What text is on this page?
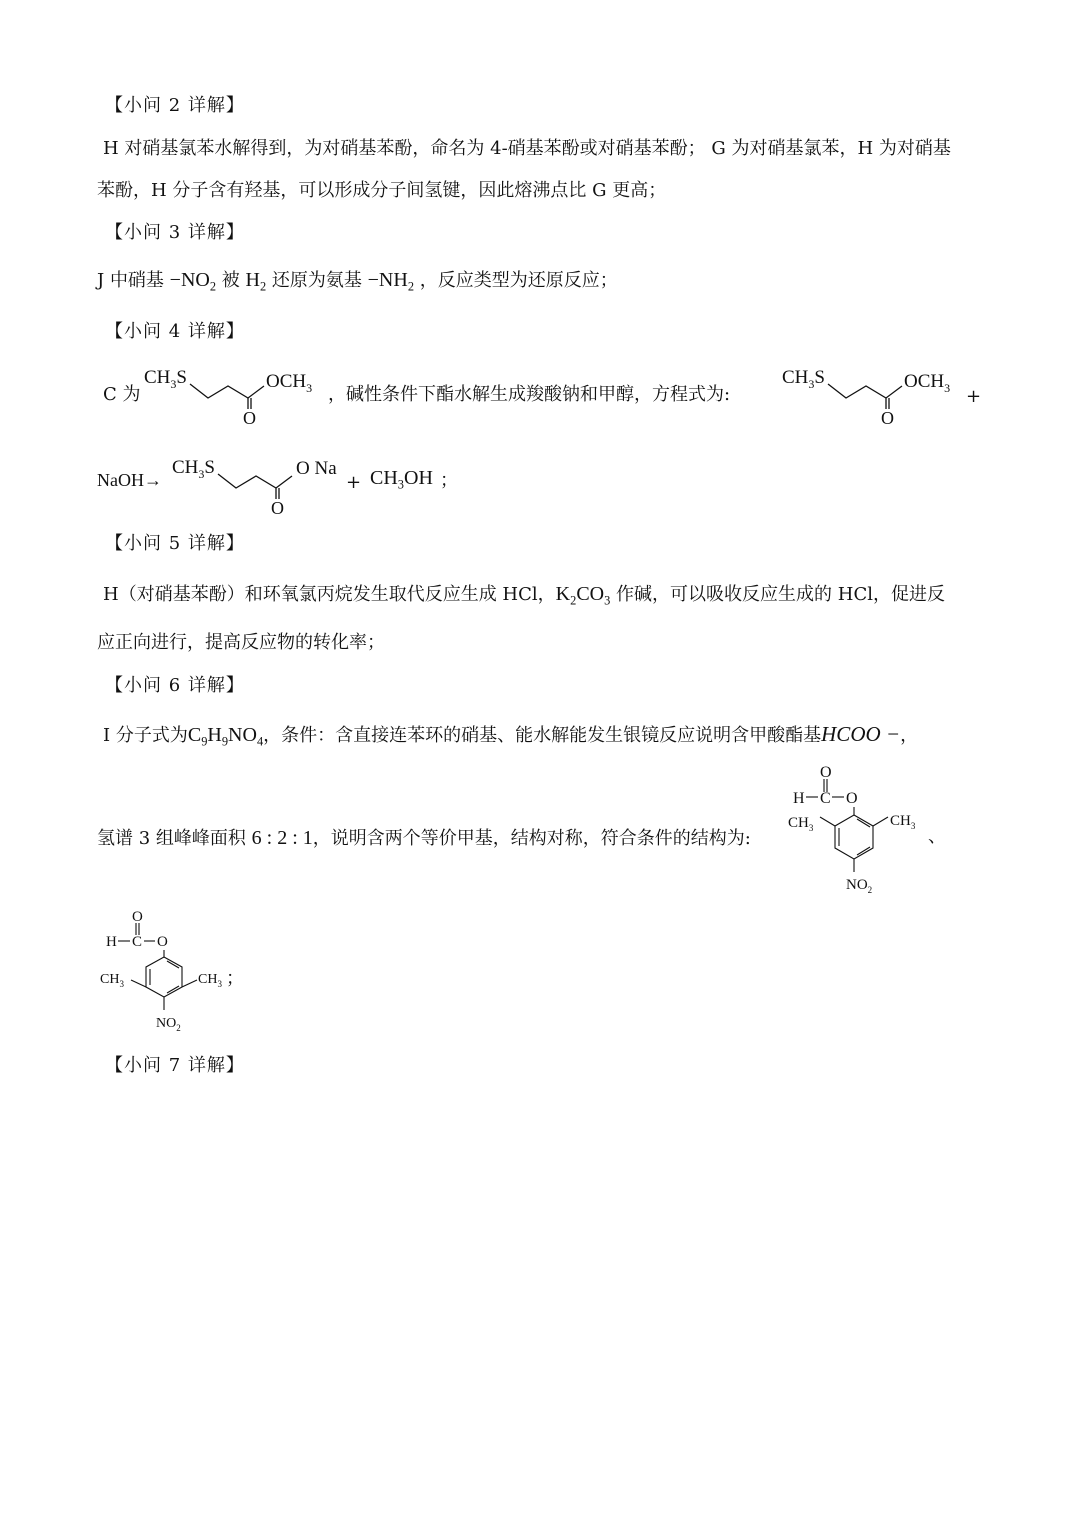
【小问 2 详解】
H 对硝基氯苯水解得到，为对硝基苯酚，命名为 4-硝基苯酚或对硝基苯酚； G 为对硝基氯苯，H 为对硝基
苯酚，H 分子含有羟基，可以形成分子间氢键，因此熔沸点比 G 更高；
【小问 3 详解】
J 中硝基 $-NO_2$ 被 $H_2$ 还原为氨基 $-NH_2$ ，反应类型为还原反应；
【小问 4 详解】
C 为
$CH_3S$
O
$OCH_3$ ，碱性条件下酯水解生成羧酸钠和甲醇，方程式为:
$CH_3S$
O
$OCH_3$ +
NaOH→
$CH_3S$
O
O Na
+ $CH_3OH$ ；
【小问 5 详解】
H（对硝基苯酚）和环氧氯丙烷发生取代反应生成 HCl，$K_2CO_3$ 作碱，可以吸收反应生成的 HCl，促进反
应正向进行，提高反应物的转化率；
【小问 6 详解】
I 分子式为$C_9H_9NO_4$，条件：含直接连苯环的硝基、能水解能发生银镜反应说明含甲酸酯基HCOO −，
氢谱 3 组峰峰面积 6 : 2 : 1，说明含两个等价甲基，结构对称，符合条件的结构为:
O
H C O
$CH_3$	$CH_3$
$NO_2$
、
O
H C O
$CH_3$	$CH_3$
$NO_2$
；
【小问 7 详解】
